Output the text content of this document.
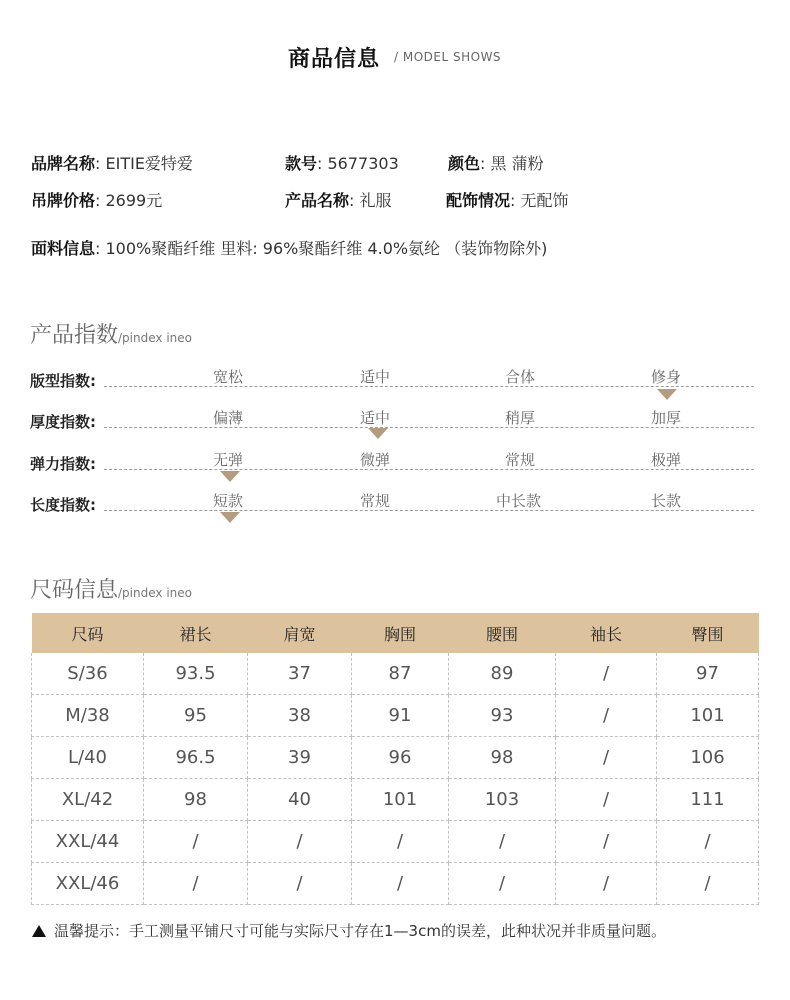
商品信息 / MODEL SHOWS
品牌名称: EITIE爱特爱	款号: 5677303	颜色: 黑 蒲粉
吊牌价格: 2699元	产品名称: 礼服	配饰情况: 无配饰
面料信息: 100%聚酯纤维 里料: 96%聚酯纤维 4.0%氨纶 （装饰物除外)
产品指数/pindex ineo
版型指数:	宽松	适中	合体	修身
厚度指数:	偏薄	适中	稍厚	加厚
弹力指数:	无弹	微弹	常规	极弹
长度指数:	短款	常规	中长款	长款
尺码信息/pindex ineo
尺码	裙长	肩宽	胸围	腰围	袖长	臀围
S/36	93.5	37	87	89	/	97
M/38	95	38	91	93	/	101
L/40	96.5	39	96	98	/	106
XL/42	98	40	101	103	/	111
XXL/44	/	/	/	/	/	/
XXL/46	/	/	/	/	/	/
温馨提示：手工测量平铺尺寸可能与实际尺寸存在1—3cm的误差，此种状况并非质量问题。
